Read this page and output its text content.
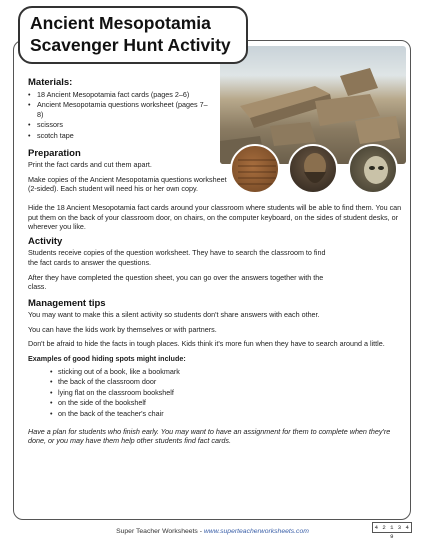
Ancient Mesopotamia
Scavenger Hunt Activity
Materials:
• 18 Ancient Mesopotamia fact cards (pages 2–6)
• Ancient Mesopotamia questions worksheet (pages 7–8)
• scissors
• scotch tape
Preparation

Print the fact cards and cut them apart.

Make copies of the Ancient Mesopotamia questions worksheet (2-sided). Each student will need his or her own copy.

Hide the 18 Ancient Mesopotamia fact cards around your classroom where students will be able to find them. You can put them on the back of your classroom door, on chairs, on the computer keyboard, on the sides of student desks, or wherever you like.

Activity

Students receive copies of the question worksheet. They have to search the classroom to find the fact cards to answer the questions.

After they have completed the question sheet, you can go over the answers together with the class.

Management tips

You may want to make this a silent activity so students don't share answers with each other.

You can have the kids work by themselves or with partners.

Don't be afraid to hide the facts in tough places. Kids think it's more fun when they have to search around a little.

Examples of good hiding spots might include:
• sticking out of a book, like a bookmark
• the back of the classroom door
• lying flat on the classroom bookshelf
• on the side of the bookshelf
• on the back of the teacher's chair

Have a plan for students who finish early. You may want to have an assignment for them to complete when they're done, or you may have them help other students find fact cards.

4 2 1 3 4 9
Super Teacher Worksheets - www.superteacherworksheets.com
